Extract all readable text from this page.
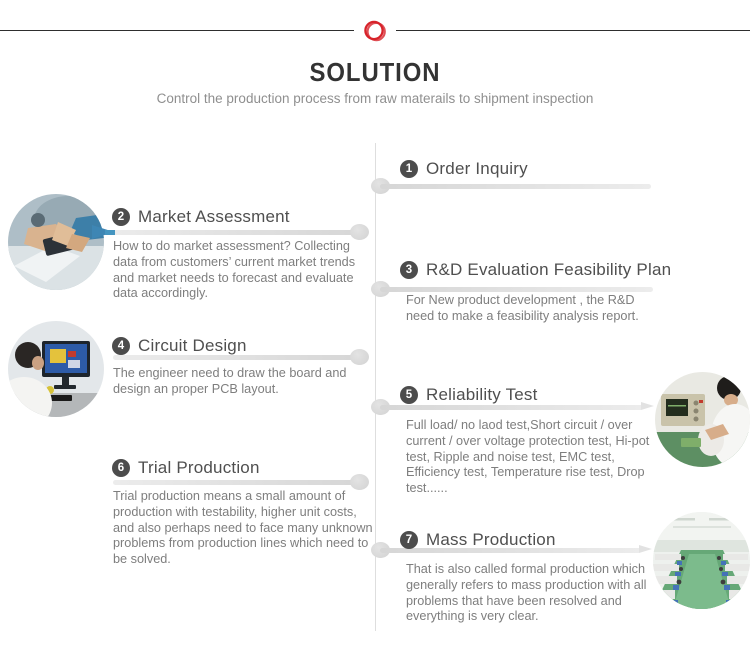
SOLUTION
Control the production process from raw materails to shipment inspection
1 Order Inquiry
2 Market Assessment
How to do market assessment? Collecting data from customers’ current market trends and market needs to forecast and evaluate data accordingly.
3 R&D Evaluation Feasibility Plan
For New product development , the R&D need to make a feasibility analysis report.
4 Circuit Design
The engineer need to draw the board and design an proper PCB layout.	5 Reliability Test
Full load/ no laod test,Short circuit / over current / over voltage protection test, Hi-pot test, Ripple and noise test, EMC test, Efficiency test, Temperature rise test, Drop test......
6 Trial Production
Trial production means a small amount of production with testability, higher unit costs, and also perhaps need to face many unknown problems from production lines which need to be solved.
7 Mass Production
That is also called formal production which generally refers to mass production with all problems that have been resolved and everything is very clear.
